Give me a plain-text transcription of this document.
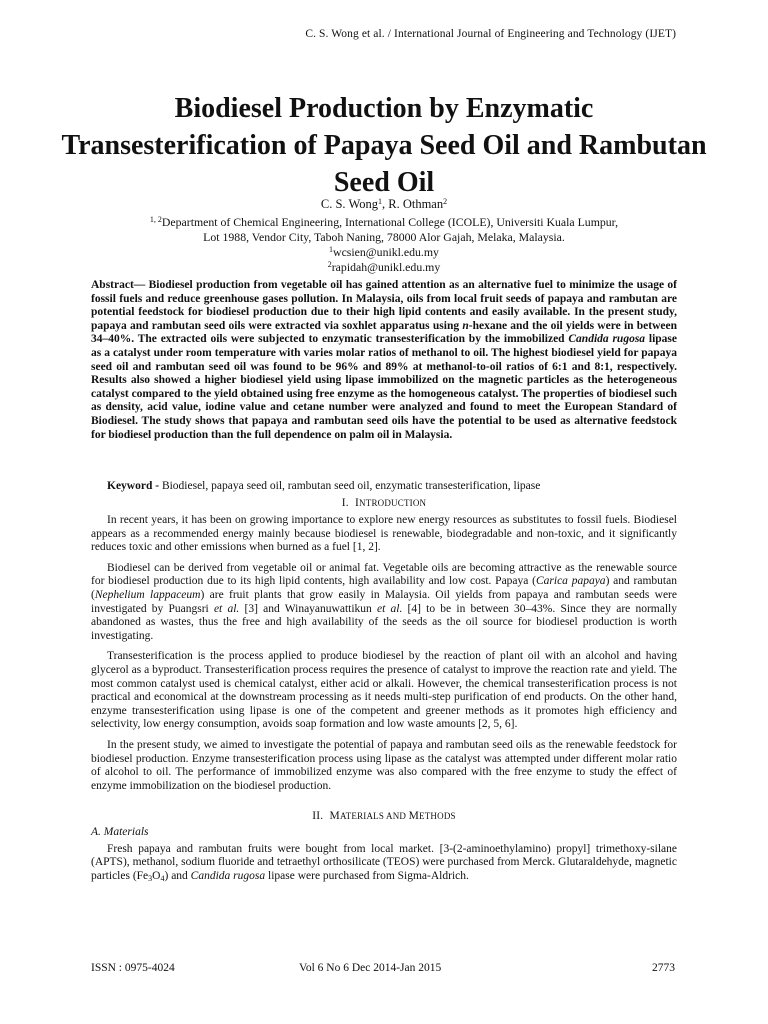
C. S. Wong et al. / International Journal of Engineering and Technology (IJET)
Biodiesel Production by Enzymatic Transesterification of Papaya Seed Oil and Rambutan Seed Oil
C. S. Wong$^1$, R. Othman$^2$

$^{1, 2}$Department of Chemical Engineering, International College (ICOLE), Universiti Kuala Lumpur,

Lot 1988, Vendor City, Taboh Naning, 78000 Alor Gajah, Melaka, Malaysia.

$^1$wcsien@unikl.edu.my

$^2$rapidah@unikl.edu.my

Abstract— Biodiesel production from vegetable oil has gained attention as an alternative fuel to minimize the usage of fossil fuels and reduce greenhouse gases pollution. In Malaysia, oils from local fruit seeds of papaya and rambutan are potential feedstock for biodiesel production due to their high lipid contents and easily available. In the present study, papaya and rambutan seed oils were extracted via soxhlet apparatus using n-hexane and the oil yields were in between 34–40%. The extracted oils were subjected to enzymatic transesterification by the immobilized Candida rugosa lipase as a catalyst under room temperature with varies molar ratios of methanol to oil. The highest biodiesel yield for papaya seed oil and rambutan seed oil was found to be 96% and 89% at methanol-to-oil ratios of 6:1 and 8:1, respectively. Results also showed a higher biodiesel yield using lipase immobilized on the magnetic particles as the heterogeneous catalyst compared to the yield obtained using free enzyme as the homogeneous catalyst. The properties of biodiesel such as density, acid value, iodine value and cetane number were analyzed and found to meet the European Standard of Biodiesel. The study shows that papaya and rambutan seed oils have the potential to be used as alternative feedstock for biodiesel production than the full dependence on palm oil in Malaysia.

Keyword - Biodiesel, papaya seed oil, rambutan seed oil, enzymatic transesterification, lipase

I. INTRODUCTION

In recent years, it has been on growing importance to explore new energy resources as substitutes to fossil fuels. Biodiesel appears as a recommended energy mainly because biodiesel is renewable, biodegradable and non-toxic, and it significantly reduces toxic and other emissions when burned as a fuel [1, 2].

Biodiesel can be derived from vegetable oil or animal fat. Vegetable oils are becoming attractive as the renewable source for biodiesel production due to its high lipid contents, high availability and low cost. Papaya (Carica papaya) and rambutan (Nephelium lappaceum) are fruit plants that grow easily in Malaysia. Oil yields from papaya and rambutan seeds were investigated by Puangsri et al. [3] and Winayanuwattikun et al. [4] to be in between 30–43%. Since they are normally abandoned as wastes, thus the free and high availability of the seeds as the oil source for biodiesel production is worth investigating.

Transesterification is the process applied to produce biodiesel by the reaction of plant oil with an alcohol and having glycerol as a byproduct. Transesterification process requires the presence of catalyst to improve the reaction rate and yield. The most common catalyst used is chemical catalyst, either acid or alkali. However, the chemical transesterification process is not practical and economical at the downstream processing as it needs multi-step purification of end products. On the other hand, enzyme transesterification using lipase is one of the competent and greener methods as it promotes high efficiency and selectivity, low energy consumption, avoids soap formation and low waste amounts [2, 5, 6].

In the present study, we aimed to investigate the potential of papaya and rambutan seed oils as the renewable feedstock for biodiesel production. Enzyme transesterification process using lipase as the catalyst was attempted under different molar ratio of alcohol to oil. The performance of immobilized enzyme was also compared with the free enzyme to study the effect of enzyme immobilization on the biodiesel production.

II. MATERIALS AND METHODS

A. Materials

Fresh papaya and rambutan fruits were bought from local market. [3-(2-aminoethylamino) propyl] trimethoxy-silane (APTS), methanol, sodium fluoride and tetraethyl orthosilicate (TEOS) were purchased from Merck. Glutaraldehyde, magnetic particles $(Fe_3O_4)$ and Candida rugosa lipase were purchased from Sigma-Aldrich.

ISSN : 0975-4024	Vol 6 No 6 Dec 2014-Jan 2015	2773
